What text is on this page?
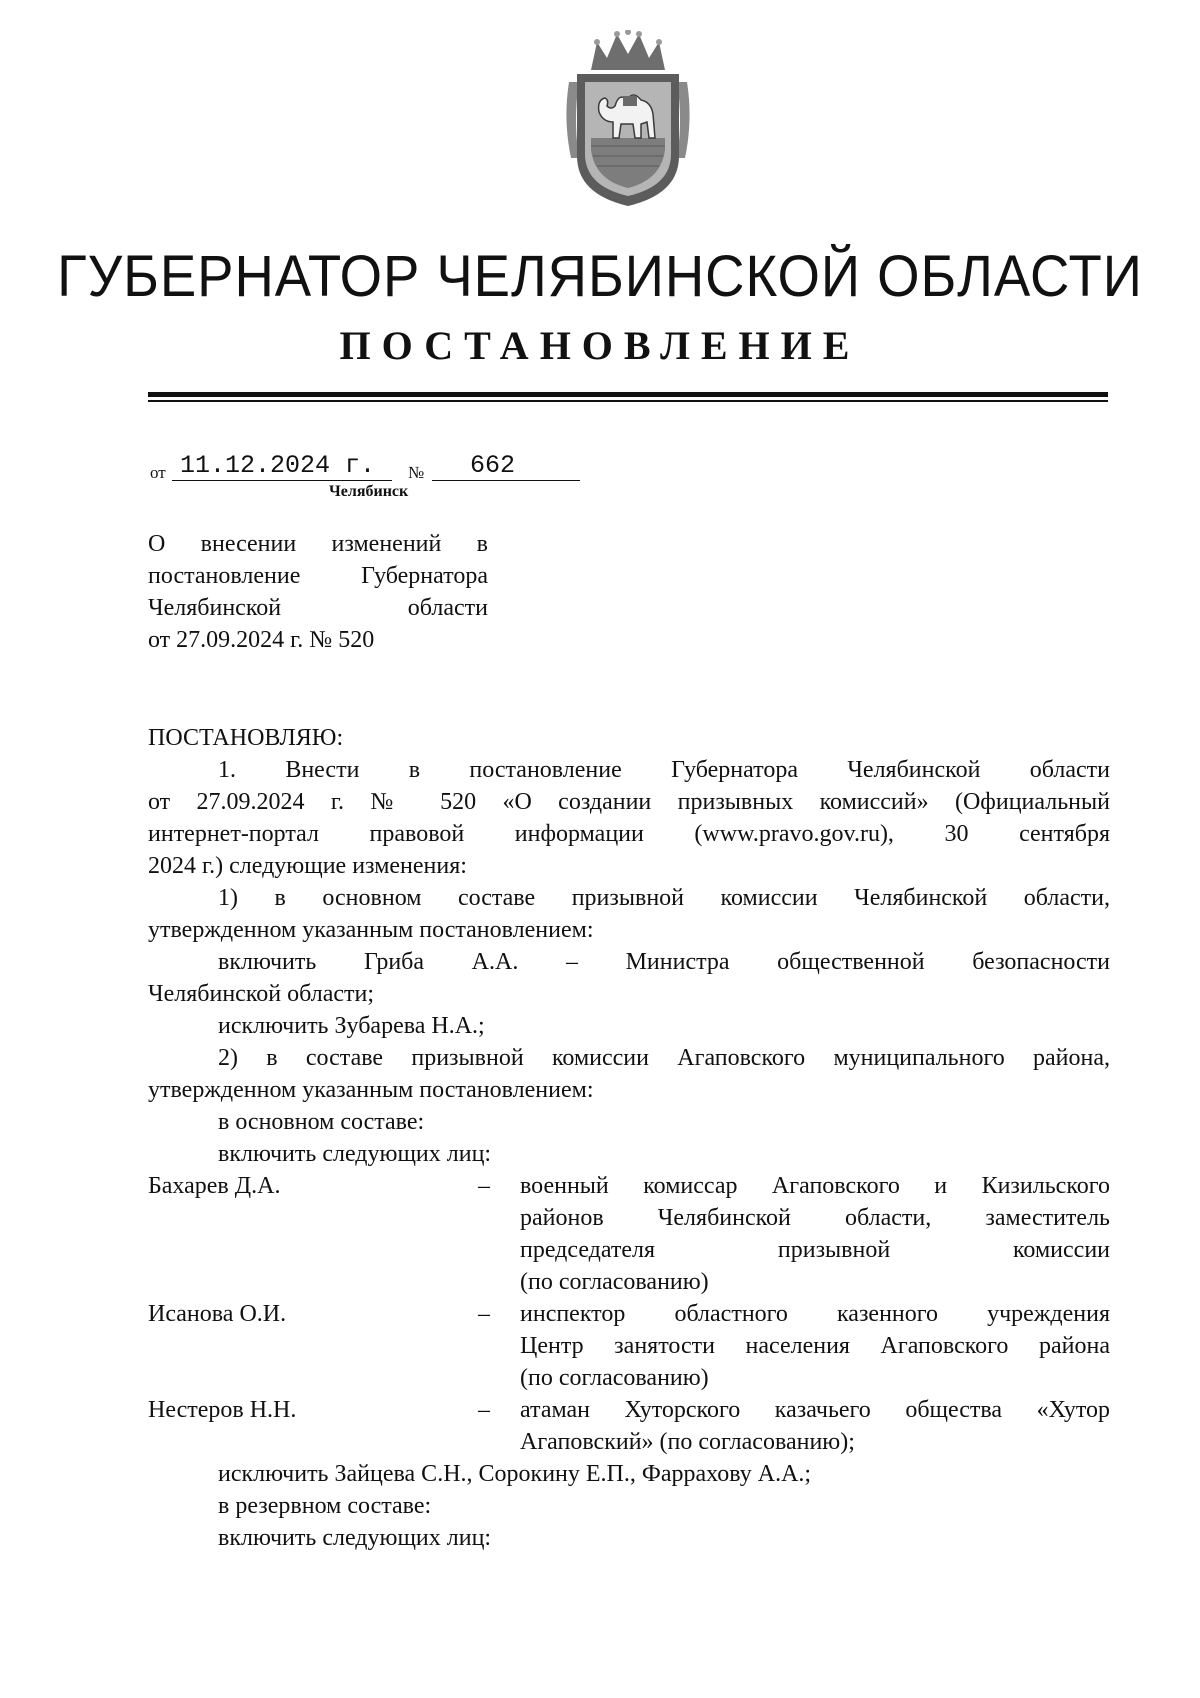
ГУБЕРНАТОР ЧЕЛЯБИНСКОЙ ОБЛАСТИ
ПОСТАНОВЛЕНИЕ
от 11.12.2024 г. № 662
Челябинск
О внесении изменений в
постановление Губернатора
Челябинской области
от 27.09.2024 г. № 520

ПОСТАНОВЛЯЮ:

1. Внести в постановление Губернатора Челябинской области

от 27.09.2024 г. № 520 «О создании призывных комиссий» (Официальный

интернет-портал правовой информации (www.pravo.gov.ru), 30 сентября

2024 г.) следующие изменения:

1) в основном составе призывной комиссии Челябинской области,

утвержденном указанным постановлением:

включить Гриба А.А. – Министра общественной безопасности

Челябинской области;

исключить Зубарева Н.А.;

2) в составе призывной комиссии Агаповского муниципального района,

утвержденном указанным постановлением:

в основном составе:

включить следующих лиц:

Бахарев Д.А.	–	военный комиссар Агаповского и Кизильского
районов Челябинской области, заместитель
председателя призывной комиссии
(по согласованию)
Исанова О.И.	–	инспектор областного казенного учреждения
Центр занятости населения Агаповского района
(по согласованию)
Нестеров Н.Н.	–	атаман Хуторского казачьего общества «Хутор
Агаповский» (по согласованию);

исключить Зайцева С.Н., Сорокину Е.П., Фаррахову А.А.;

в резервном составе:

включить следующих лиц:
